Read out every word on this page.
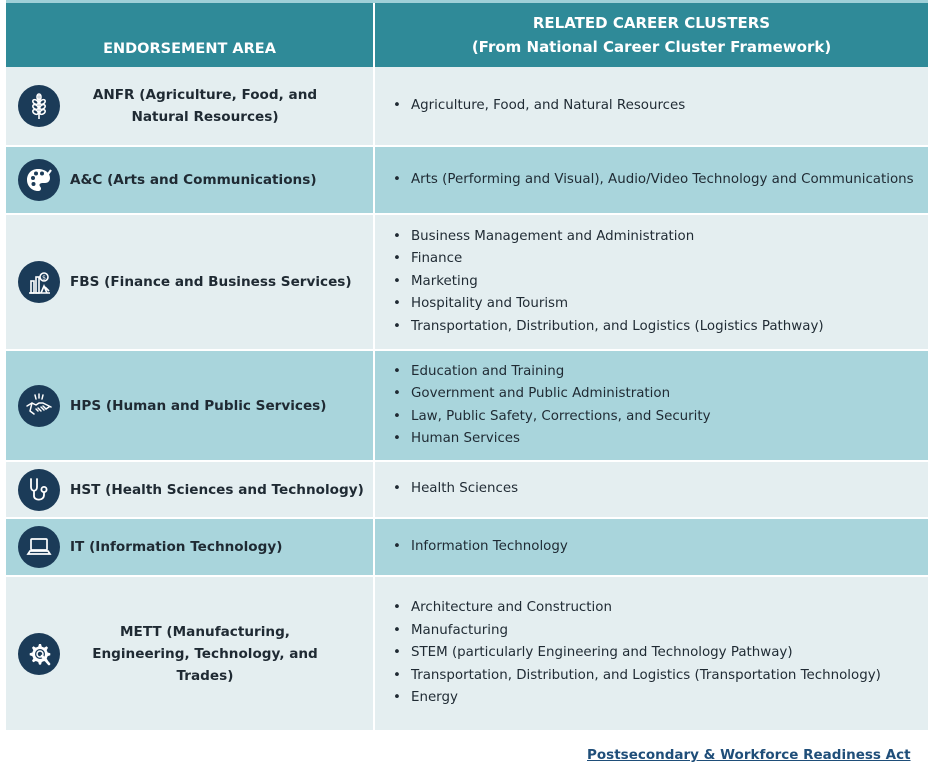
ENDORSEMENT AREA
RELATED CAREER CLUSTERS
(From National Career Cluster Framework)
ANFR (Agriculture, Food, and Natural Resources)
• Agriculture, Food, and Natural Resources
A&C (Arts and Communications)	• Arts (Performing and Visual), Audio/Video Technology and Communications
$ FBS (Finance and Business Services)
• Business Management and Administration
• Finance
• Marketing
• Hospitality and Tourism
• Transportation, Distribution, and Logistics (Logistics Pathway)
HPS (Human and Public Services)
• Education and Training
• Government and Public Administration
• Law, Public Safety, Corrections, and Security
• Human Services
HST (Health Sciences and Technology)	• Health Sciences
IT (Information Technology)	• Information Technology
METT (Manufacturing, Engineering, Technology, and Trades)
• Architecture and Construction
• Manufacturing
• STEM (particularly Engineering and Technology Pathway)
• Transportation, Distribution, and Logistics (Transportation Technology)
• Energy
Postsecondary & Workforce Readiness Act
